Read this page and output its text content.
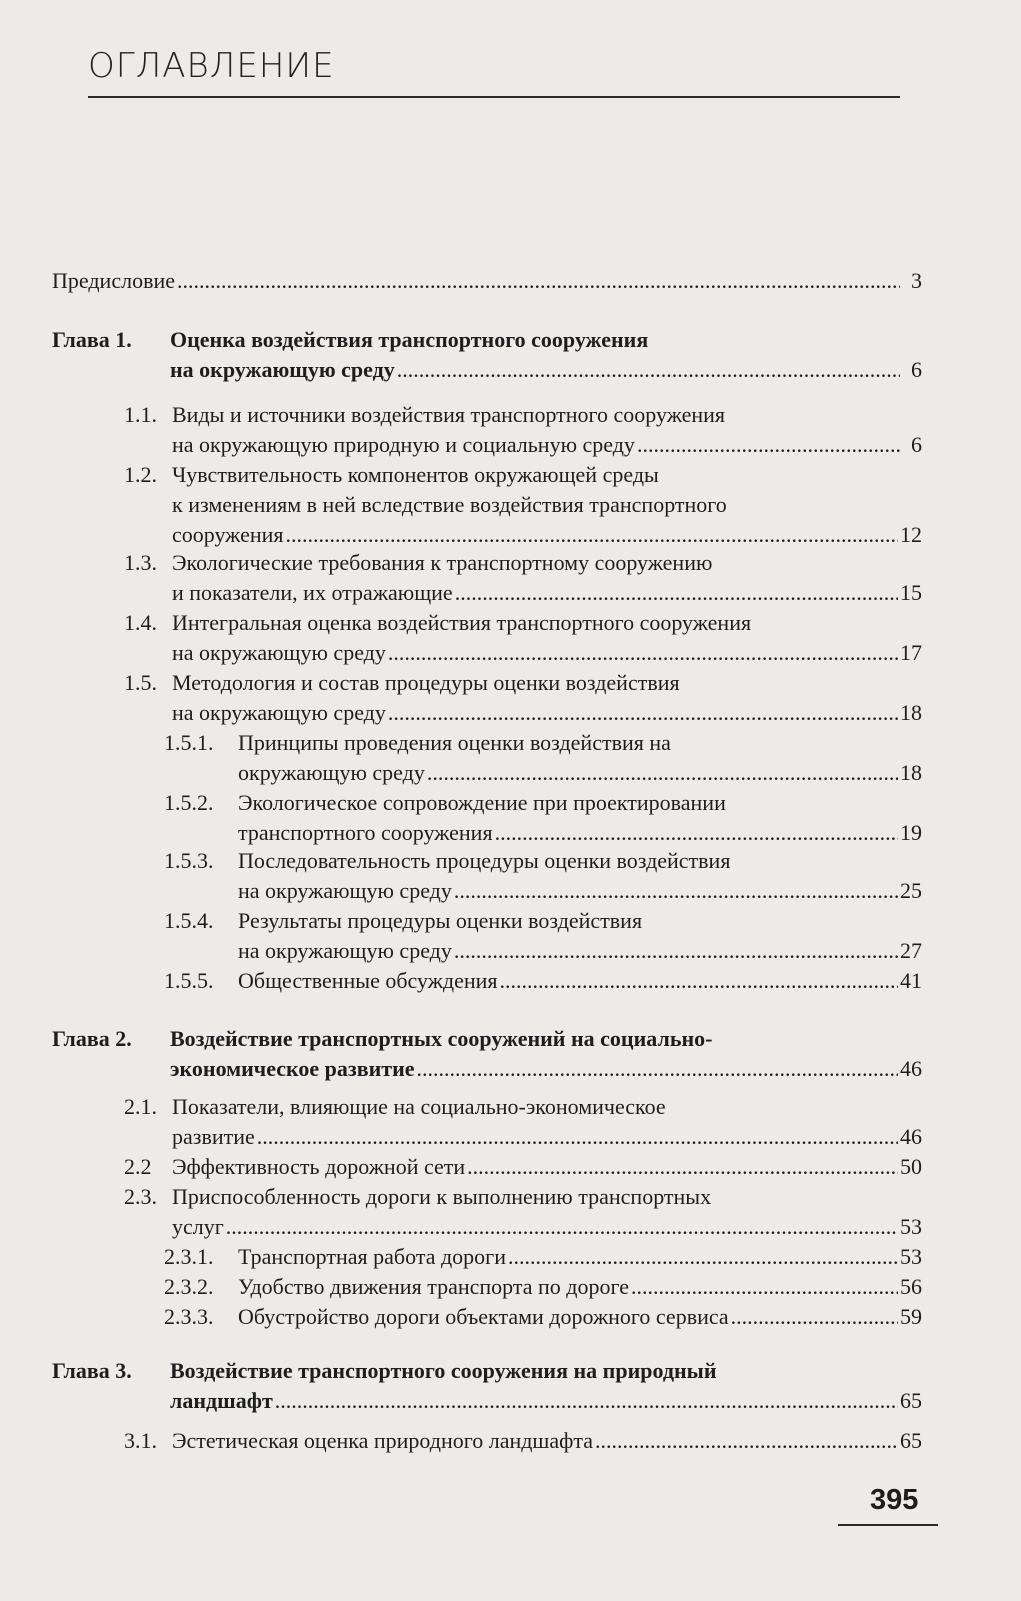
ОГЛАВЛЕНИЕ
Предисловие .....	3
Глава 1. Оценка воздействия транспортного сооружения
на окружающую среду .....	6
1.1. Виды и источники воздействия транспортного сооружения
на окружающую природную и социальную среду .....	6
1.2. Чувствительность компонентов окружающей среды
к изменениям в ней вследствие воздействия транспортного
сооружения .....	12
1.3. Экологические требования к транспортному сооружению
и показатели, их отражающие .....	15
1.4. Интегральная оценка воздействия транспортного сооружения
на окружающую среду .....	17
1.5. Методология и состав процедуры оценки воздействия
на окружающую среду .....	18
1.5.1. Принципы проведения оценки воздействия на
окружающую среду .....	18
1.5.2. Экологическое сопровождение при проектировании
транспортного сооружения .....	19
1.5.3. Последовательность процедуры оценки воздействия
на окружающую среду .....	25
1.5.4. Результаты процедуры оценки воздействия
на окружающую среду .....	27
1.5.5. Общественные обсуждения .....	41
Глава 2. Воздействие транспортных сооружений на социально-
экономическое развитие .....	46
2.1. Показатели, влияющие на социально-экономическое
развитие .....	46
2.2 Эффективность дорожной сети .....	50
2.3. Приспособленность дороги к выполнению транспортных
услуг .....	53
2.3.1. Транспортная работа дороги .....	53
2.3.2. Удобство движения транспорта по дороге .....	56
2.3.3. Обустройство дороги объектами дорожного сервиса .....	59
Глава 3. Воздействие транспортного сооружения на природный
ландшафт .....	65
3.1. Эстетическая оценка природного ландшафта .....	65
395
